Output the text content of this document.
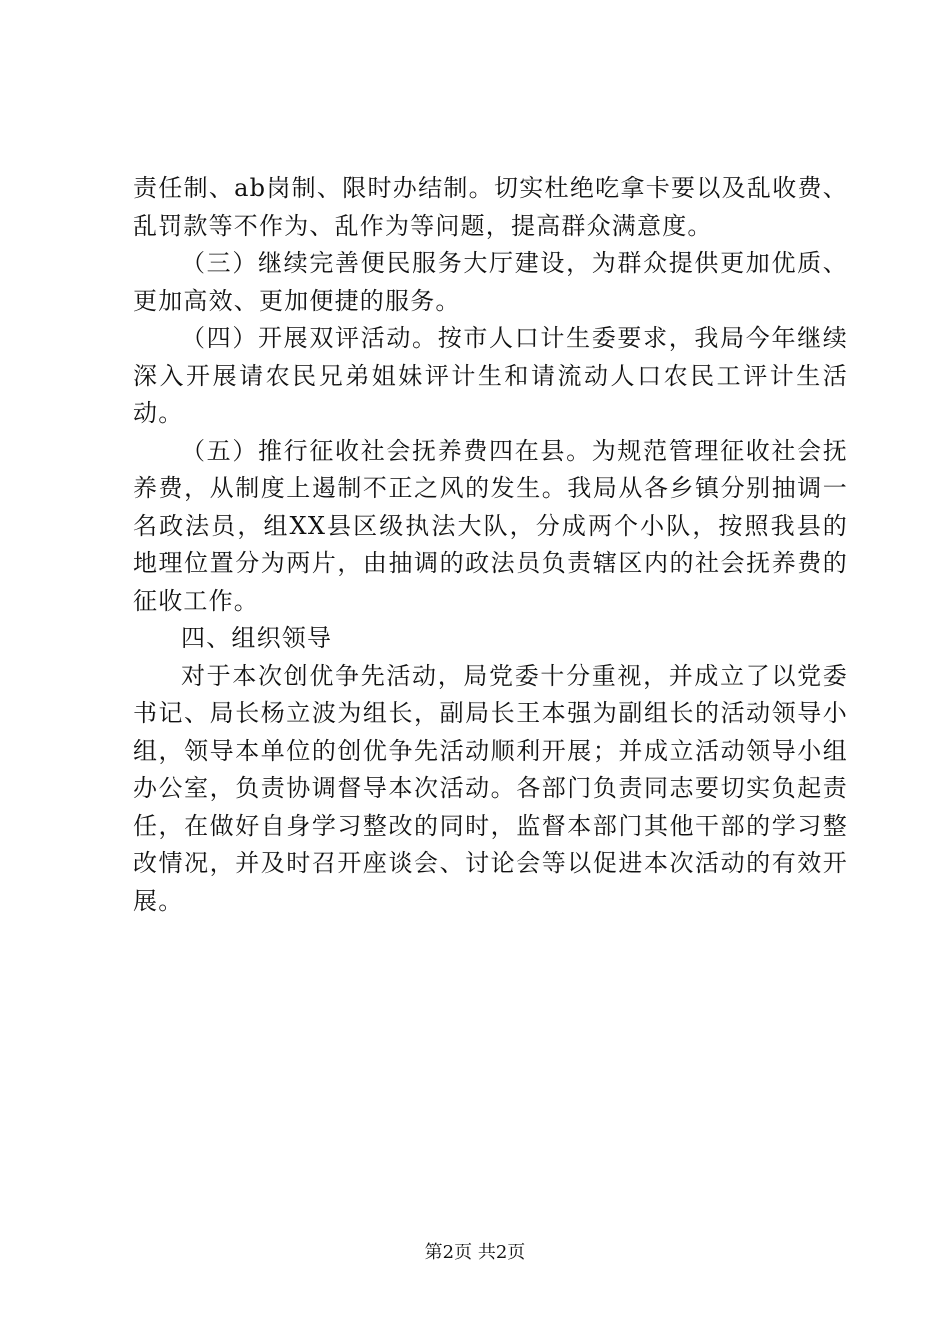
责任制、ab岗制、限时办结制。切实杜绝吃拿卡要以及乱收费、乱罚款等不作为、乱作为等问题，提高群众满意度。

（三）继续完善便民服务大厅建设，为群众提供更加优质、更加高效、更加便捷的服务。

（四）开展双评活动。按市人口计生委要求，我局今年继续深入开展请农民兄弟姐妹评计生和请流动人口农民工评计生活动。

（五）推行征收社会抚养费四在县。为规范管理征收社会抚养费，从制度上遏制不正之风的发生。我局从各乡镇分别抽调一名政法员，组XX县区级执法大队，分成两个小队，按照我县的地理位置分为两片，由抽调的政法员负责辖区内的社会抚养费的征收工作。

四、组织领导

对于本次创优争先活动，局党委十分重视，并成立了以党委书记、局长杨立波为组长，副局长王本强为副组长的活动领导小组，领导本单位的创优争先活动顺利开展；并成立活动领导小组办公室，负责协调督导本次活动。各部门负责同志要切实负起责任，在做好自身学习整改的同时，监督本部门其他干部的学习整改情况，并及时召开座谈会、讨论会等以促进本次活动的有效开展。

第2页 共2页
